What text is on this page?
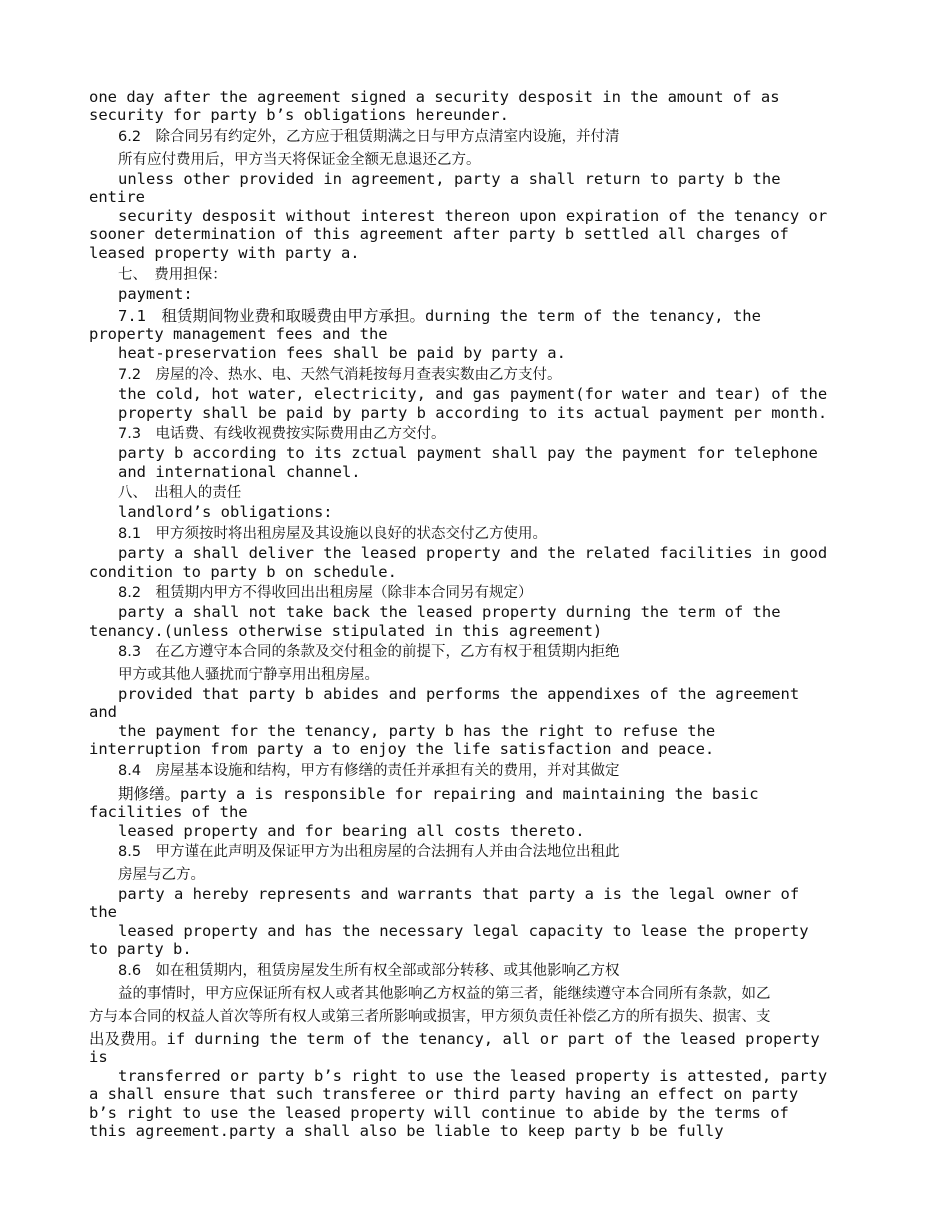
one day after the agreement signed a security desposit in the amount of as
security for party b’s obligations hereunder.
6.2　除合同另有约定外，乙方应于租赁期满之日与甲方点清室内设施，并付清
所有应付费用后，甲方当天将保证金全额无息退还乙方。
unless other provided in agreement, party a shall return to party b the
entire
security desposit without interest thereon upon expiration of the tenancy or
sooner determination of this agreement after party b settled all charges of
leased property with party a.
七、　费用担保：
payment:
7.1　租赁期间物业费和取暖费由甲方承担。durning the term of the tenancy, the
property management fees and the
heat-preservation fees shall be paid by party a.
7.2　房屋的冷、热水、电、天然气消耗按每月查表实数由乙方支付。
the cold, hot water, electricity, and gas payment(for water and tear) of the
property shall be paid by party b according to its actual payment per month.
7.3　电话费、有线收视费按实际费用由乙方交付。
party b according to its zctual payment shall pay the payment for telephone
and international channel.
八、　出租人的责任
landlord’s obligations:
8.1　甲方须按时将出租房屋及其设施以良好的状态交付乙方使用。
party a shall deliver the leased property and the related facilities in good
condition to party b on schedule.
8.2　租赁期内甲方不得收回出出租房屋（除非本合同另有规定）
party a shall not take back the leased property durning the term of the
tenancy.(unless otherwise stipulated in this agreement)
8.3　在乙方遵守本合同的条款及交付租金的前提下，乙方有权于租赁期内拒绝
甲方或其他人骚扰而宁静享用出租房屋。
provided that party b abides and performs the appendixes of the agreement
and
the payment for the tenancy, party b has the right to refuse the
interruption from party a to enjoy the life satisfaction and peace.
8.4　房屋基本设施和结构，甲方有修缮的责任并承担有关的费用，并对其做定
期修缮。party a is responsible for repairing and maintaining the basic
facilities of the
leased property and for bearing all costs thereto.
8.5　甲方谨在此声明及保证甲方为出租房屋的合法拥有人并由合法地位出租此
房屋与乙方。
party a hereby represents and warrants that party a is the legal owner of
the
leased property and has the necessary legal capacity to lease the property
to party b.
8.6　如在租赁期内，租赁房屋发生所有权全部或部分转移、或其他影响乙方权
益的事情时，甲方应保证所有权人或者其他影响乙方权益的第三者，能继续遵守本合同所有条款，如乙
方与本合同的权益人首次等所有权人或第三者所影响或损害，甲方须负责任补偿乙方的所有损失、损害、支
出及费用。if durning the term of the tenancy, all or part of the leased property
is
transferred or party b’s right to use the leased property is attested, party
a shall ensure that such transferee or third party having an effect on party
b’s right to use the leased property will continue to abide by the terms of
this agreement.party a shall also be liable to keep party b be fully
